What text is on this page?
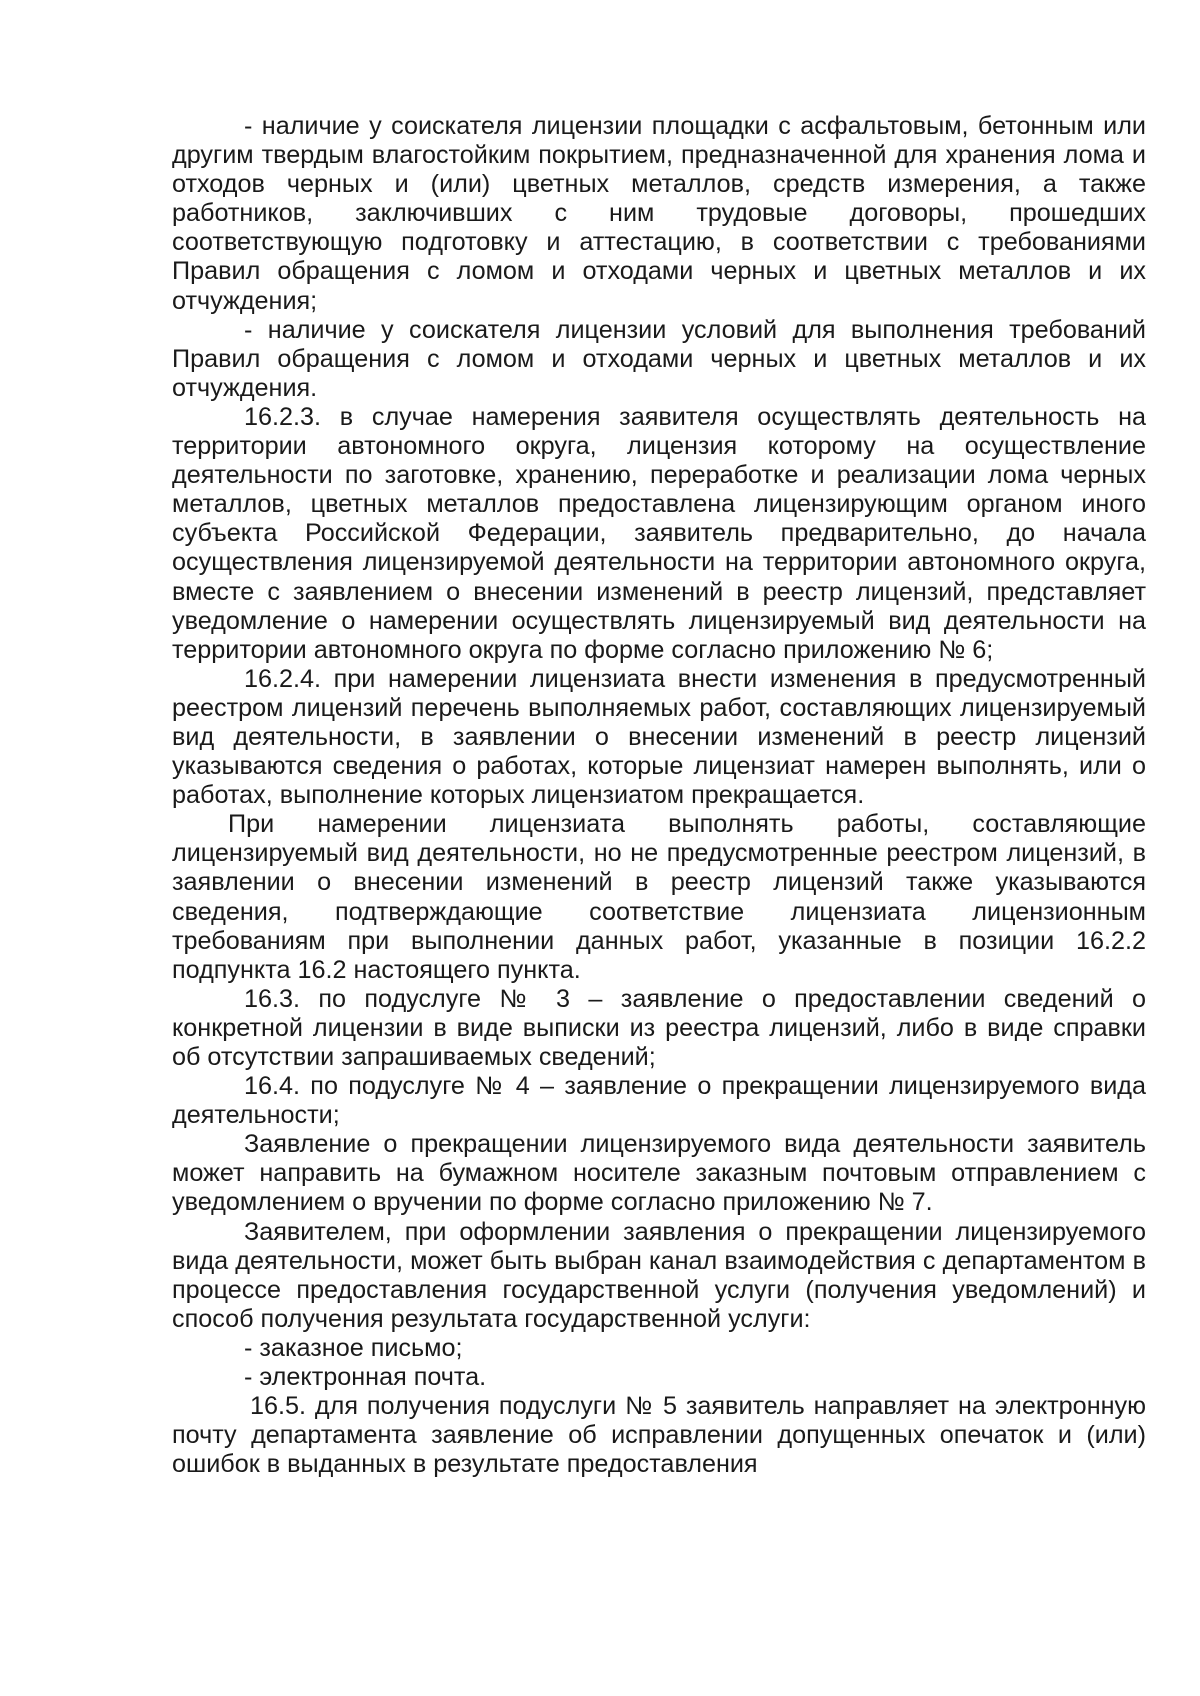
- наличие у соискателя лицензии площадки с асфальтовым, бетонным или другим твердым влагостойким покрытием, предназначенной для хранения лома и отходов черных и (или) цветных металлов, средств измерения, а также работников, заключивших с ним трудовые договоры, прошедших соответствующую подготовку и аттестацию, в соответствии с требованиями Правил обращения с ломом и отходами черных и цветных металлов и их отчуждения;

- наличие у соискателя лицензии условий для выполнения требований Правил обращения с ломом и отходами черных и цветных металлов и их отчуждения.

16.2.3. в случае намерения заявителя осуществлять деятельность на территории автономного округа, лицензия которому на осуществление деятельности по заготовке, хранению, переработке и реализации лома черных металлов, цветных металлов предоставлена лицензирующим органом иного субъекта Российской Федерации, заявитель предварительно, до начала осуществления лицензируемой деятельности на территории автономного округа, вместе с заявлением о внесении изменений в реестр лицензий, представляет уведомление о намерении осуществлять лицензируемый вид деятельности на территории автономного округа по форме согласно приложению № 6;

16.2.4. при намерении лицензиата внести изменения в предусмотренный реестром лицензий перечень выполняемых работ, составляющих лицензируемый вид деятельности, в заявлении о внесении изменений в реестр лицензий указываются сведения о работах, которые лицензиат намерен выполнять, или о работах, выполнение которых лицензиатом прекращается.

При намерении лицензиата выполнять работы, составляющие лицензируемый вид деятельности, но не предусмотренные реестром лицензий, в заявлении о внесении изменений в реестр лицензий также указываются сведения, подтверждающие соответствие лицензиата лицензионным требованиям при выполнении данных работ, указанные в позиции 16.2.2 подпункта 16.2 настоящего пункта.

16.3. по подуслуге № 3 – заявление о предоставлении сведений о конкретной лицензии в виде выписки из реестра лицензий, либо в виде справки об отсутствии запрашиваемых сведений;

16.4. по подуслуге № 4 – заявление о прекращении лицензируемого вида деятельности;

Заявление о прекращении лицензируемого вида деятельности заявитель может направить на бумажном носителе заказным почтовым отправлением с уведомлением о вручении по форме согласно приложению № 7.

Заявителем, при оформлении заявления о прекращении лицензируемого вида деятельности, может быть выбран канал взаимодействия с департаментом в процессе предоставления государственной услуги (получения уведомлений) и способ получения результата государственной услуги:

- заказное письмо;

- электронная почта.

16.5. для получения подуслуги № 5 заявитель направляет на электронную почту департамента заявление об исправлении допущенных опечаток и (или) ошибок в выданных в результате предоставления
